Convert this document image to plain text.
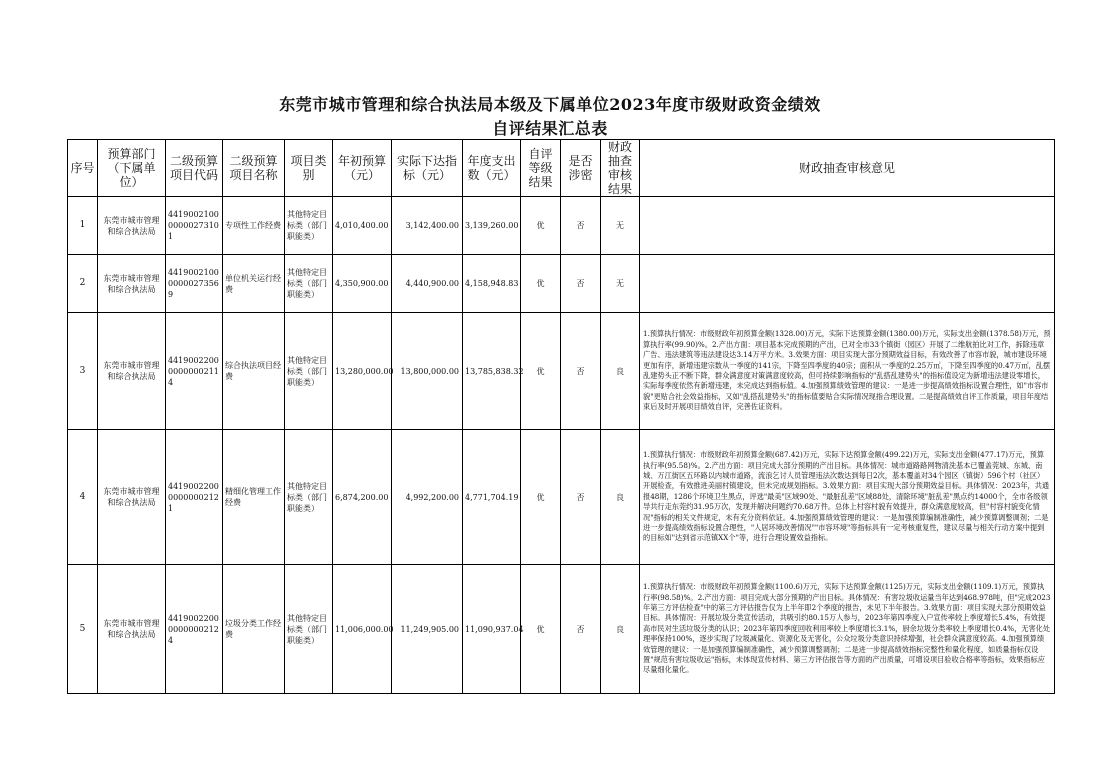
东莞市城市管理和综合执法局本级及下属单位2023年度市级财政资金绩效
自评结果汇总表
序号	预算部门（下属单位）	二级预算项目代码	二级预算项目名称	项目类别	年初预算（元）	实际下达指标（元）	年度支出数（元）	自评等级结果	是否涉密	财政抽查审核结果	财政抽查审核意见
1	东莞市城市管理和综合执法局	441900210000000273101	专项性工作经费	其他特定目标类（部门职能类）	4,010,400.00	3,142,400.00	3,139,260.00	优	否	无	
2	东莞市城市管理和综合执法局	441900210000000273569	单位机关运行经费	其他特定目标类（部门职能类）	4,350,900.00	4,440,900.00	4,158,948.83	优	否	无	
3	东莞市城市管理和综合执法局	441900220000000002114	综合执法项目经费	其他特定目标类（部门职能类）	13,280,000.00	13,800,000.00	13,785,838.32	优	否	良	1.预算执行情况：市级财政年初预算金额(1328.00)万元，实际下达预算金额(1380.00)万元，实际支出金额(1378.58)万元，预算执行率(99.90)%。2.产出方面：项目基本完成预期的产出，已对全市33个镇街（园区）开展了二维航拍比对工作，拆除违章广告、违法建筑等违法建设达3.14万平方米。3.效果方面：项目实现大部分预期效益目标，有效改善了市容市貌，城市建设环境更加有序，新增违建宗数从一季度的141宗，下降至四季度的40宗；面积从一季度的2.25万㎡，下降至四季度的0.47万㎡，乱摆乱建势头正不断下降，群众满意度对策满意度较高，但可持续影响指标的"乱搭乱建势头"的指标值设定为新增违法建设零增长，实际每季度依然有新增违建，未完成达到指标值。4.加强预算绩效管理的建议：一是进一步提高绩效指标设置合理性，如"市容市貌"更贴合社会效益指标，又如"乱搭乱建势头"的指标值要贴合实际情况现指合理设置。二是提高绩效自评工作质量，项目年度结束后及时开展项目绩效自评，完善佐证资料。
4	东莞市城市管理和综合执法局	441900220000000002121	精细化管理工作经费	其他特定目标类（部门职能类）	6,874,200.00	4,992,200.00	4,771,704.19	优	否	良	1.预算执行情况：市级财政年初预算金额(687.42)万元，实际下达预算金额(499.22)万元，实际支出金额(477.17)万元，预算执行率(95.58)%。2.产出方面：项目完成大部分预期的产出目标。具体情况：城市道路路网物清洗基本已覆盖莞城、东城、南城、万江街区五环路以内城市道路，流浪乞讨人员管理违法次数达到每日2次，基本覆盖对34个园区（镇街）596个村（社区）开展检查，有效推进美丽村镇建设，但未完成规划指标。3.效果方面：项目实现大部分预期效益目标。具体情况：2023年，共通报48期，1286个环境卫生黑点，评选"最美"区域90处、"最脏乱差"区域88处，清除环境"脏乱差"黑点约14000个，全市各级领导共行走东莞约31.95万次，发现并解决问题约70.68万件。总体上村容村貌有效提升，群众满意度较高，但"村容村貌变化情况"指标的相关文件规定，未有充分资料依证。4.加强预算绩效管理的建议：一是加强预算编制准确性，减少预算调整调剂；二是进一步提高绩效指标设置合理性，"人居环境改善情况""市容环境"等指标具有一定考核重复性，建议尽量与相关行动方案中提到的目标如"达到省示范镇XX个"等，进行合理设置效益指标。
5	东莞市城市管理和综合执法局	441900220000000002124	垃圾分类工作经费	其他特定目标类（部门职能类）	11,006,000.00	11,249,905.00	11,090,937.04	优	否	良	1.预算执行情况：市级财政年初预算金额(1100.6)万元，实际下达预算金额(1125)万元，实际支出金额(1109.1)万元，预算执行率(98.58)%。2.产出方面：项目完成大部分预期的产出目标。具体情况：有害垃圾收运量当年达到468.978吨，但"完成2023年第三方评估检查"中的第三方评估报告仅为上半年即2个季度的报告，未见下半年报告。3.效果方面：项目实现大部分预期效益目标。具体情况：开展垃圾分类宣传活动，共吸引约80.15万人参与，2023年第四季度入户宣传率较上季度增长5.4%，有效提高市民对生活垃圾分类的认识；2023年第四季度回收利用率较上季度增长3.1%，厨余垃圾分类率较上季度增长0.4%，无害化处理率保持100%，逐步实现了垃圾减量化、资源化及无害化，公众垃圾分类意识持续增强，社会群众满意度较高。4.加强预算绩效管理的建议：一是加强预算编制准确性，减少预算调整调剂；二是进一步提高绩效指标完整性和量化程度，如质量指标仅设置"规范有害垃圾收运"指标，未体现宣传材料、第三方评估报告等方面的产出质量，可增设项目验收合格率等指标，效果指标应尽量细化量化。
